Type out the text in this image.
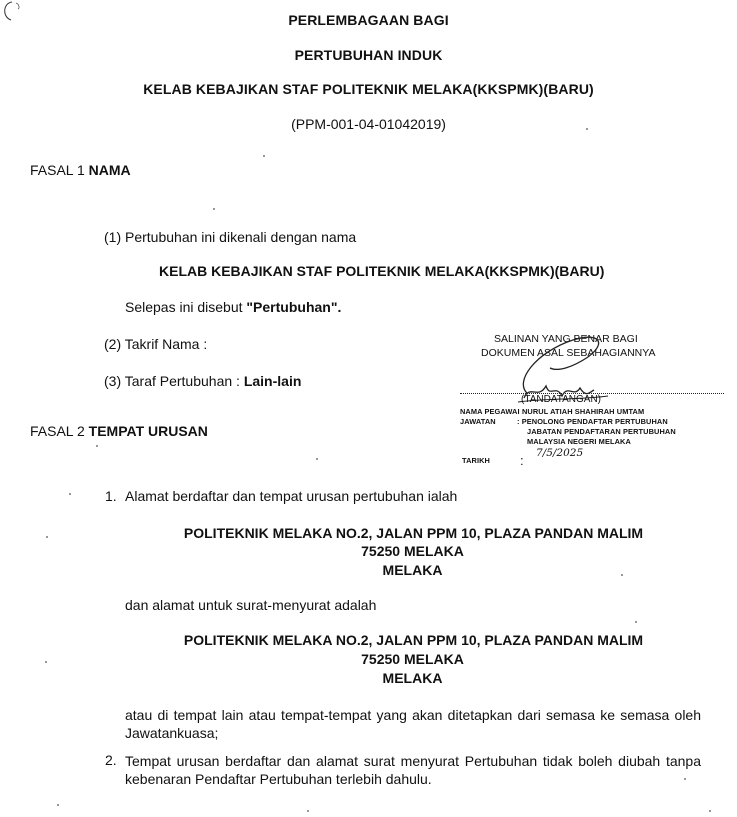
PERLEMBAGAAN BAGI
PERTUBUHAN INDUK
KELAB KEBAJIKAN STAF POLITEKNIK MELAKA(KKSPMK)(BARU)
(PPM-001-04-01042019)
FASAL 1 NAMA
(1) Pertubuhan ini dikenali dengan nama
KELAB KEBAJIKAN STAF POLITEKNIK MELAKA(KKSPMK)(BARU)
Selepas ini disebut "Pertubuhan".
(2) Takrif Nama :
(3) Taraf Pertubuhan : Lain-lain
FASAL 2 TEMPAT URUSAN
1. Alamat berdaftar dan tempat urusan pertubuhan ialah
POLITEKNIK MELAKA NO.2, JALAN PPM 10, PLAZA PANDAN MALIM
75250 MELAKA
MELAKA
dan alamat untuk surat-menyurat adalah
POLITEKNIK MELAKA NO.2, JALAN PPM 10, PLAZA PANDAN MALIM
75250 MELAKA
MELAKA
atau di tempat lain atau tempat-tempat yang akan ditetapkan dari semasa ke semasa oleh Jawatankuasa;
2. Tempat urusan berdaftar dan alamat surat menyurat Pertubuhan tidak boleh diubah tanpa kebenaran Pendaftar Pertubuhan terlebih dahulu.
SALINAN YANG BENAR BAGI
DOKUMEN ASAL SEBAHAGIANNYA
(TANDATANGAN)
NAMA PEGAWAI :
NURUL ATIAH SHAHIRAH UMTAM
JAWATAN	: PENOLONG PENDAFTAR PERTUBUHAN
JABATAN PENDAFTARAN PERTUBUHAN
MALAYSIA NEGERI MELAKA
TARIKH : 7/5/2025
